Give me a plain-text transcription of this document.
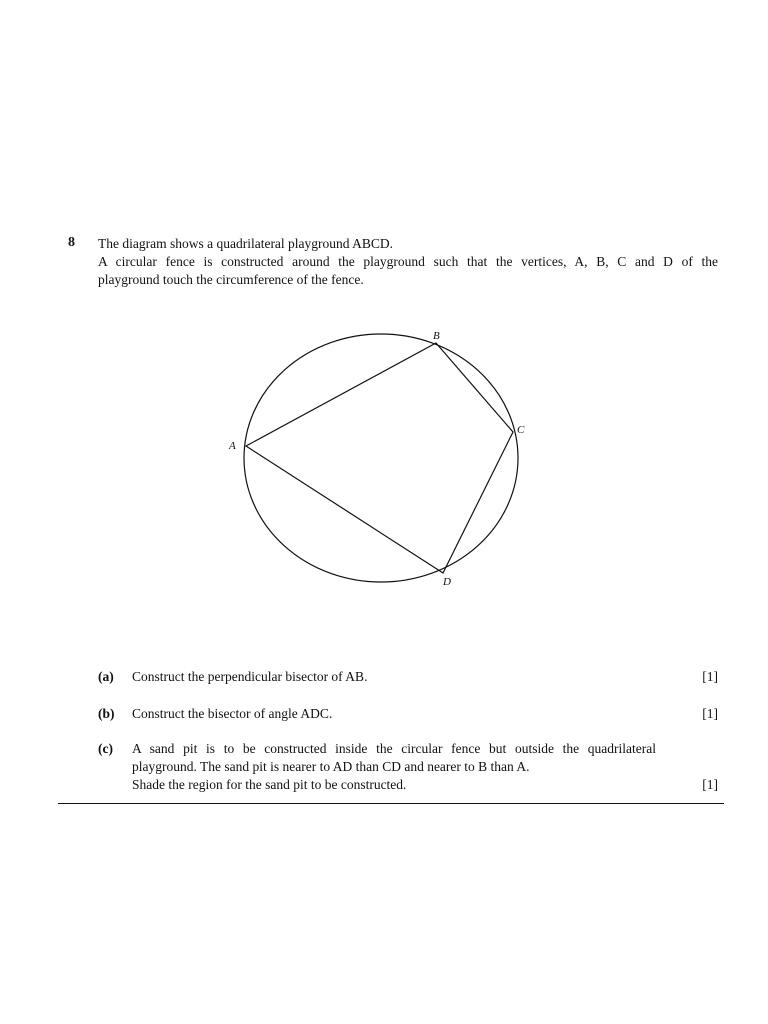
8 The diagram shows a quadrilateral playground ABCD.

A circular fence is constructed around the playground such that the vertices, A, B, C and D of the

playground touch the circumference of the fence.

A
B
C
D
(a) Construct the perpendicular bisector of AB.	[1]
(b) Construct the bisector of angle ADC.	[1]
(c) A sand pit is to be constructed inside the circular fence but outside the quadrilateral
playground. The sand pit is nearer to AD than CD and nearer to B than A.
Shade the region for the sand pit to be constructed.	[1]
